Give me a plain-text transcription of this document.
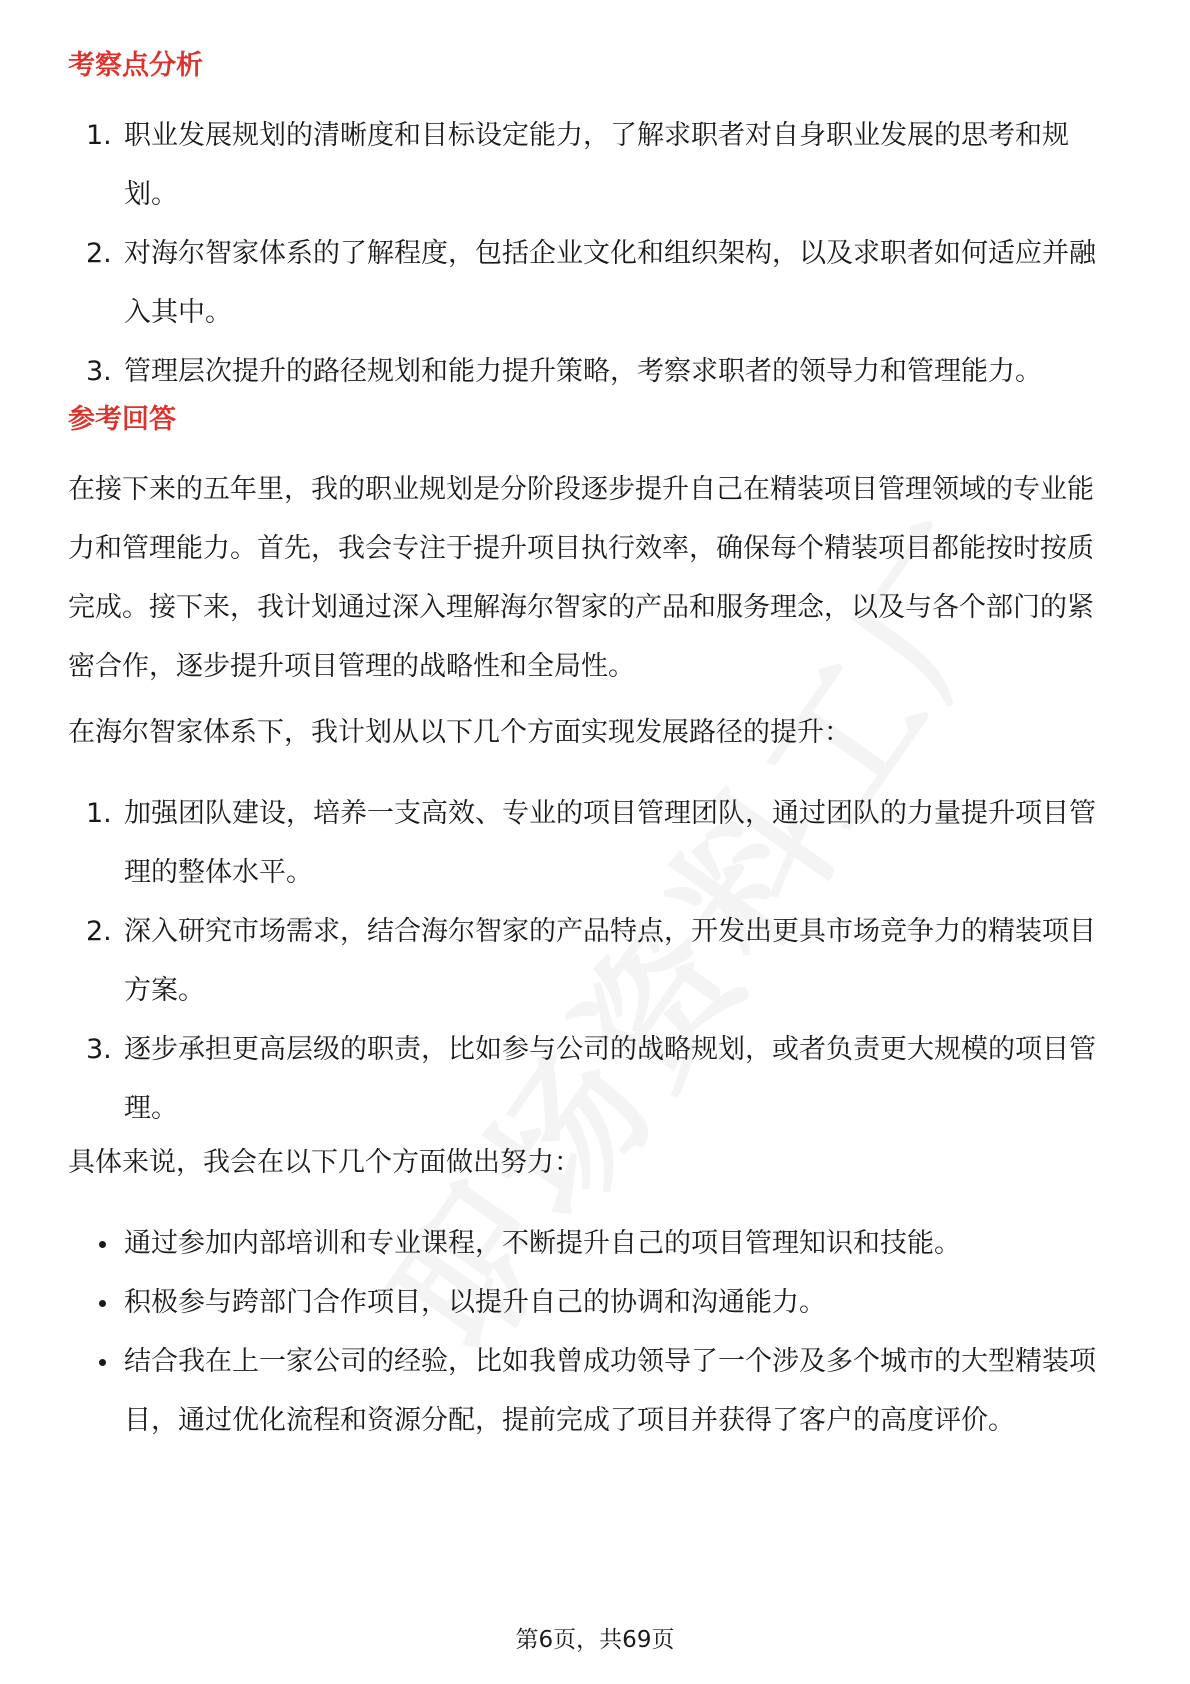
考察点分析
1. 职业发展规划的清晰度和目标设定能力，了解求职者对自身职业发展的思考和规划。
2. 对海尔智家体系的了解程度，包括企业文化和组织架构，以及求职者如何适应并融入其中。
3. 管理层次提升的路径规划和能力提升策略，考察求职者的领导力和管理能力。
参考回答

在接下来的五年里，我的职业规划是分阶段逐步提升自己在精装项目管理领域的专业能力和管理能力。首先，我会专注于提升项目执行效率，确保每个精装项目都能按时按质完成。接下来，我计划通过深入理解海尔智家的产品和服务理念，以及与各个部门的紧密合作，逐步提升项目管理的战略性和全局性。

在海尔智家体系下，我计划从以下几个方面实现发展路径的提升：

1. 加强团队建设，培养一支高效、专业的项目管理团队，通过团队的力量提升项目管理的整体水平。
2. 深入研究市场需求，结合海尔智家的产品特点，开发出更具市场竞争力的精装项目方案。
3. 逐步承担更高层级的职责，比如参与公司的战略规划，或者负责更大规模的项目管理。

具体来说，我会在以下几个方面做出努力：

通过参加内部培训和专业课程，不断提升自己的项目管理知识和技能。
积极参与跨部门合作项目，以提升自己的协调和沟通能力。
结合我在上一家公司的经验，比如我曾成功领导了一个涉及多个城市的大型精装项目，通过优化流程和资源分配，提前完成了项目并获得了客户的高度评价。
第6页，共69页
